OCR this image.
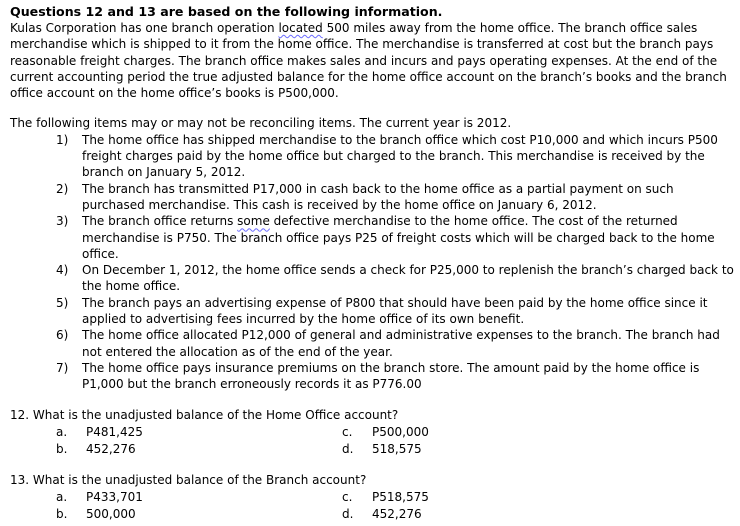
Questions 12 and 13 are based on the following information.

Kulas Corporation has one branch operation located 500 miles away from the home office. The branch office sales merchandise which is shipped to it from the home office. The merchandise is transferred at cost but the branch pays reasonable freight charges. The branch office makes sales and incurs and pays operating expenses. At the end of the current accounting period the true adjusted balance for the home office account on the branch’s books and the branch office account on the home office’s books is P500,000.

The following items may or may not be reconciling items. The current year is 2012.

1) The home office has shipped merchandise to the branch office which cost P10,000 and which incurs P500 freight charges paid by the home office but charged to the branch. This merchandise is received by the branch on January 5, 2012.
2) The branch has transmitted P17,000 in cash back to the home office as a partial payment on such purchased merchandise. This cash is received by the home office on January 6, 2012.
3) The branch office returns some defective merchandise to the home office. The cost of the returned merchandise is P750. The branch office pays P25 of freight costs which will be charged back to the home office.
4) On December 1, 2012, the home office sends a check for P25,000 to replenish the branch’s charged back to the home office.
5) The branch pays an advertising expense of P800 that should have been paid by the home office since it applied to advertising fees incurred by the home office of its own benefit.
6) The home office allocated P12,000 of general and administrative expenses to the branch. The branch had not entered the allocation as of the end of the year.
7) The home office pays insurance premiums on the branch store. The amount paid by the home office is P1,000 but the branch erroneously records it as P776.00
12. What is the unadjusted balance of the Home Office account?
a. P481,425
b. 452,276
c. P500,000
d. 518,575
13. What is the unadjusted balance of the Branch account?
a. P433,701
b. 500,000
c. P518,575
d. 452,276
